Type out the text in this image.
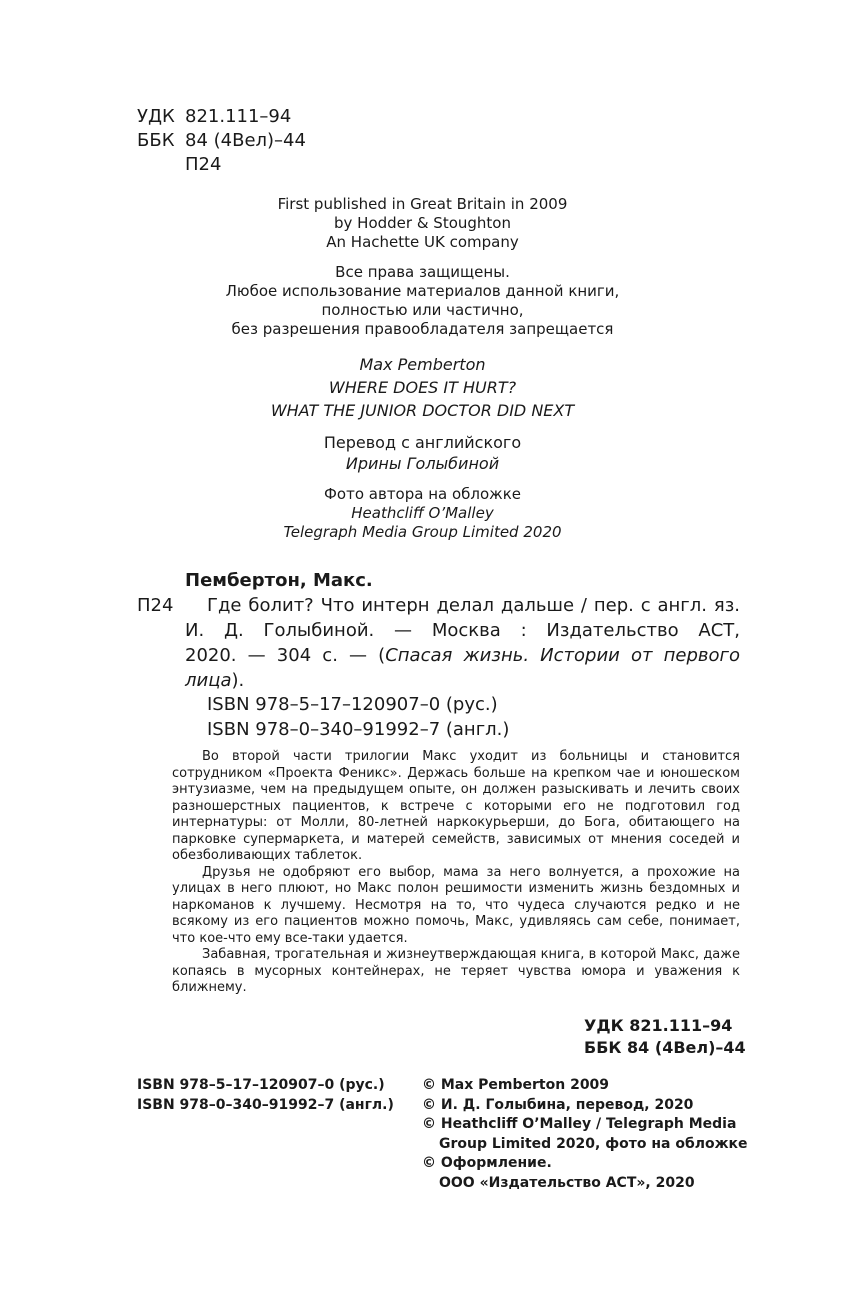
УДК 821.111–94
ББК 84 (4Вел)–44
П24
First published in Great Britain in 2009
by Hodder & Stoughton
An Hachette UK company
Все права защищены.
Любое использование материалов данной книги,
полностью или частично,
без разрешения правообладателя запрещается
Max Pemberton
WHERE DOES IT HURT?
WHAT THE JUNIOR DOCTOR DID NEXT
Перевод с английского
Ирины Голыбиной
Фото автора на обложке
Heathcliff O’Malley
Telegraph Media Group Limited 2020
Пембертон, Макс.
П24	Где болит? Что интерн делал дальше / пер. с англ. яз.
И. Д. Голыбиной. — Москва : Издательство АСТ,
2020. — 304 с. — (Спасая жизнь. Истории от первого
лица).
ISBN 978–5–17–120907–0 (рус.)
ISBN 978–0–340–91992–7 (англ.)

Во второй части трилогии Макс уходит из больницы и становится сотрудником «Проекта Феникс». Держась больше на крепком чае и юношеском энтузиазме, чем на предыдущем опыте, он должен разыскивать и лечить своих разношерстных пациентов, к встрече с которыми его не подготовил год интернатуры: от Молли, 80-летней наркокурьерши, до Бога, обитающего на парковке супермаркета, и матерей семейств, зависимых от мнения соседей и обезболивающих таблеток.

Друзья не одобряют его выбор, мама за него волнуется, а прохожие на улицах в него плюют, но Макс полон решимости изменить жизнь бездомных и наркоманов к лучшему. Несмотря на то, что чудеса случаются редко и не всякому из его пациентов можно помочь, Макс, удивляясь сам себе, понимает, что кое-что ему все-таки удается.

Забавная, трогательная и жизнеутверждающая книга, в которой Макс, даже копаясь в мусорных контейнерах, не теряет чувства юмора и уважения к ближнему.

УДК 821.111–94
ББК 84 (4Вел)–44
ISBN 978–5–17–120907–0 (рус.)
ISBN 978–0–340–91992–7 (англ.)
© Max Pemberton 2009
© И. Д. Голыбина, перевод, 2020
© Heathcliff O’Malley / Telegraph Media
Group Limited 2020, фото на обложке
© Оформление.
ООО «Издательство АСТ», 2020
